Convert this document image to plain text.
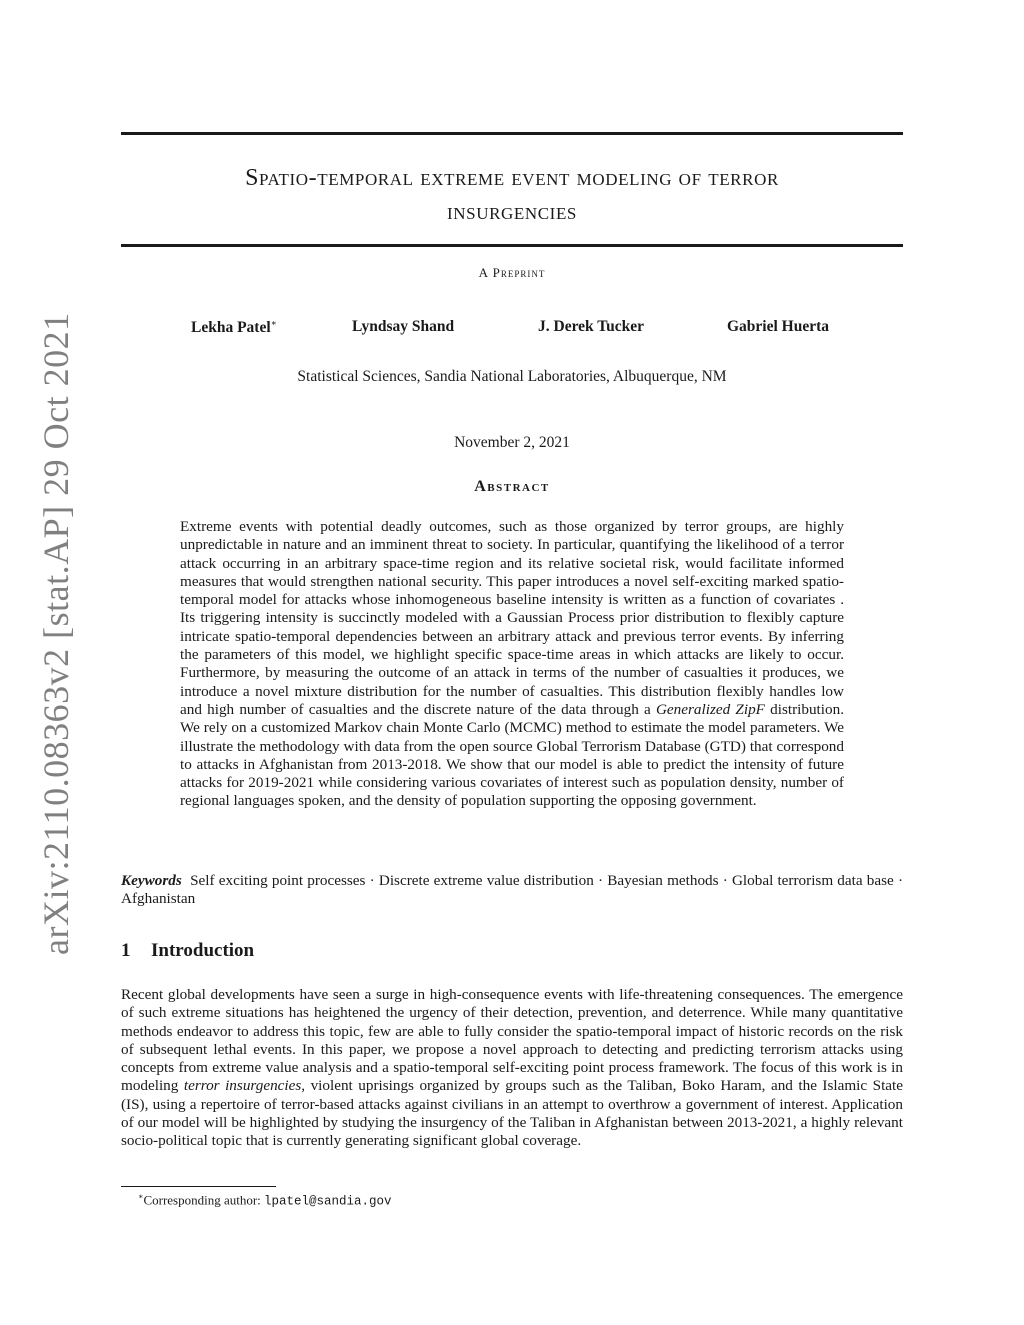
arXiv:2110.08363v2 [stat.AP] 29 Oct 2021
Spatio-temporal extreme event modeling of terror
insurgencies
A Preprint
Lekha Patel∗	Lyndsay Shand	J. Derek Tucker	Gabriel Huerta
Statistical Sciences, Sandia National Laboratories, Albuquerque, NM
November 2, 2021
Abstract
Extreme events with potential deadly outcomes, such as those organized by terror groups, are highly unpredictable in nature and an imminent threat to society. In particular, quantifying the likelihood of a terror attack occurring in an arbitrary space-time region and its relative societal risk, would facilitate informed measures that would strengthen national security. This paper introduces a novel self-exciting marked spatio-temporal model for attacks whose inhomogeneous baseline intensity is written as a function of covariates . Its triggering intensity is succinctly modeled with a Gaussian Process prior distribution to flexibly capture intricate spatio-temporal dependencies between an arbitrary attack and previous terror events. By inferring the parameters of this model, we highlight specific space-time areas in which attacks are likely to occur. Furthermore, by measuring the outcome of an attack in terms of the number of casualties it produces, we introduce a novel mixture distribution for the number of casualties. This distribution flexibly handles low and high number of casualties and the discrete nature of the data through a Generalized ZipF distribution. We rely on a customized Markov chain Monte Carlo (MCMC) method to estimate the model parameters. We illustrate the methodology with data from the open source Global Terrorism Database (GTD) that correspond to attacks in Afghanistan from 2013-2018. We show that our model is able to predict the intensity of future attacks for 2019-2021 while considering various covariates of interest such as population density, number of regional languages spoken, and the density of population supporting the opposing government.
Keywords Self exciting point processes · Discrete extreme value distribution · Bayesian methods · Global terrorism data base · Afghanistan
1 Introduction
Recent global developments have seen a surge in high-consequence events with life-threatening consequences. The emergence of such extreme situations has heightened the urgency of their detection, prevention, and deterrence. While many quantitative methods endeavor to address this topic, few are able to fully consider the spatio-temporal impact of historic records on the risk of subsequent lethal events. In this paper, we propose a novel approach to detecting and predicting terrorism attacks using concepts from extreme value analysis and a spatio-temporal self-exciting point process framework. The focus of this work is in modeling terror insurgencies, violent uprisings organized by groups such as the Taliban, Boko Haram, and the Islamic State (IS), using a repertoire of terror-based attacks against civilians in an attempt to overthrow a government of interest. Application of our model will be highlighted by studying the insurgency of the Taliban in Afghanistan between 2013-2021, a highly relevant socio-political topic that is currently generating significant global coverage.
∗Corresponding author: lpatel@sandia.gov
